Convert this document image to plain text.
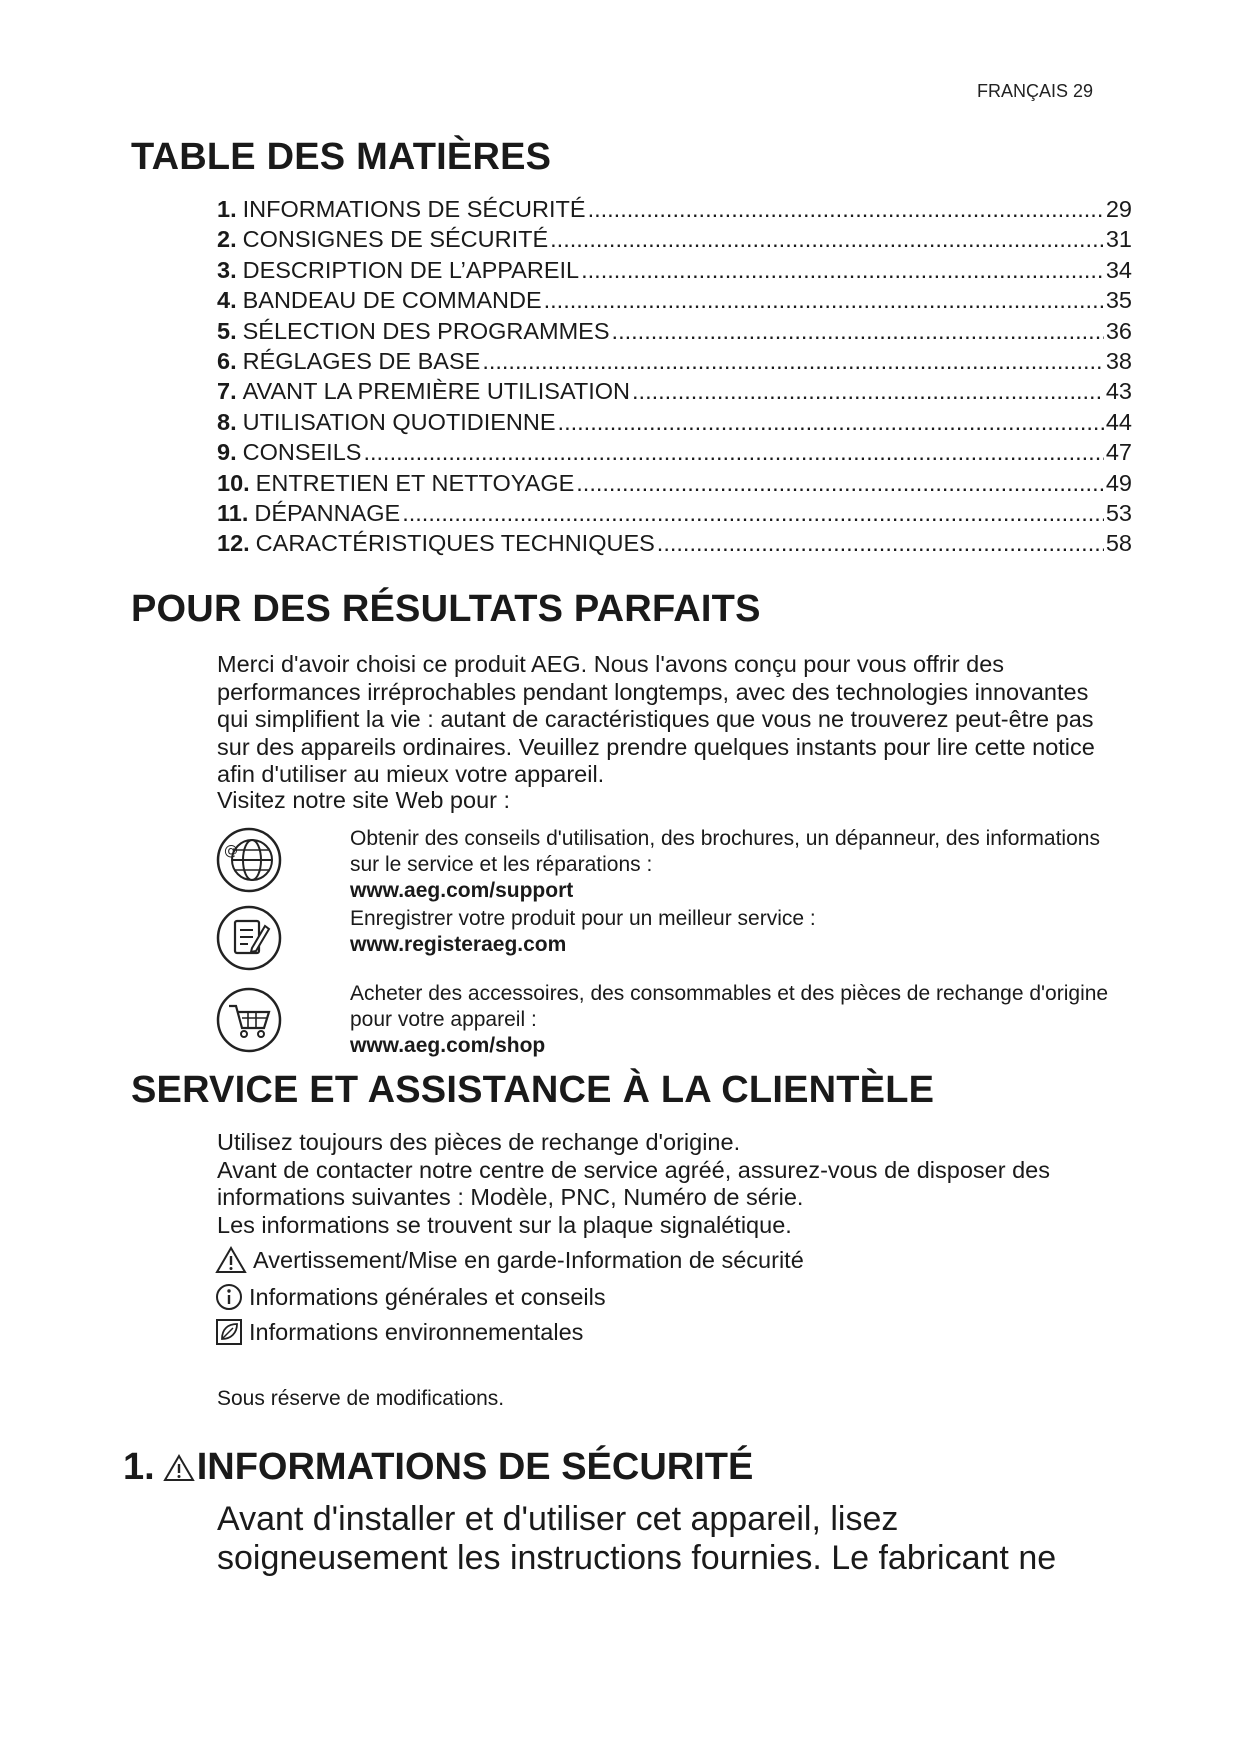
FRANÇAIS 29
TABLE DES MATIÈRES
1. INFORMATIONS DE SÉCURITÉ .....	29
2. CONSIGNES DE SÉCURITÉ .....	31
3. DESCRIPTION DE L’APPAREIL .....	34
4. BANDEAU DE COMMANDE .....	35
5. SÉLECTION DES PROGRAMMES .....	36
6. RÉGLAGES DE BASE .....	38
7. AVANT LA PREMIÈRE UTILISATION .....	43
8. UTILISATION QUOTIDIENNE .....	44
9. CONSEILS .....	47
10. ENTRETIEN ET NETTOYAGE .....	49
11. DÉPANNAGE .....	53
12. CARACTÉRISTIQUES TECHNIQUES .....	58
POUR DES RÉSULTATS PARFAITS

Merci d'avoir choisi ce produit AEG. Nous l'avons conçu pour vous offrir des performances irréprochables pendant longtemps, avec des technologies innovantes qui simplifient la vie : autant de caractéristiques que vous ne trouverez peut-être pas sur des appareils ordinaires. Veuillez prendre quelques instants pour lire cette notice afin d'utiliser au mieux votre appareil.

Visitez notre site Web pour :

@
Obtenir des conseils d'utilisation, des brochures, un dépanneur, des informations sur le service et les réparations :
www.aeg.com/support
Enregistrer votre produit pour un meilleur service :
www.registeraeg.com
Acheter des accessoires, des consommables et des pièces de rechange d'origine pour votre appareil :
www.aeg.com/shop
SERVICE ET ASSISTANCE À LA CLIENTÈLE
Utilisez toujours des pièces de rechange d'origine.
Avant de contacter notre centre de service agréé, assurez-vous de disposer des informations suivantes : Modèle, PNC, Numéro de série.
Les informations se trouvent sur la plaque signalétique.
Avertissement/Mise en garde-Information de sécurité
Informations générales et conseils
Informations environnementales
Sous réserve de modifications.
1. INFORMATIONS DE SÉCURITÉ

Avant d'installer et d'utiliser cet appareil, lisez soigneusement les instructions fournies. Le fabricant ne
